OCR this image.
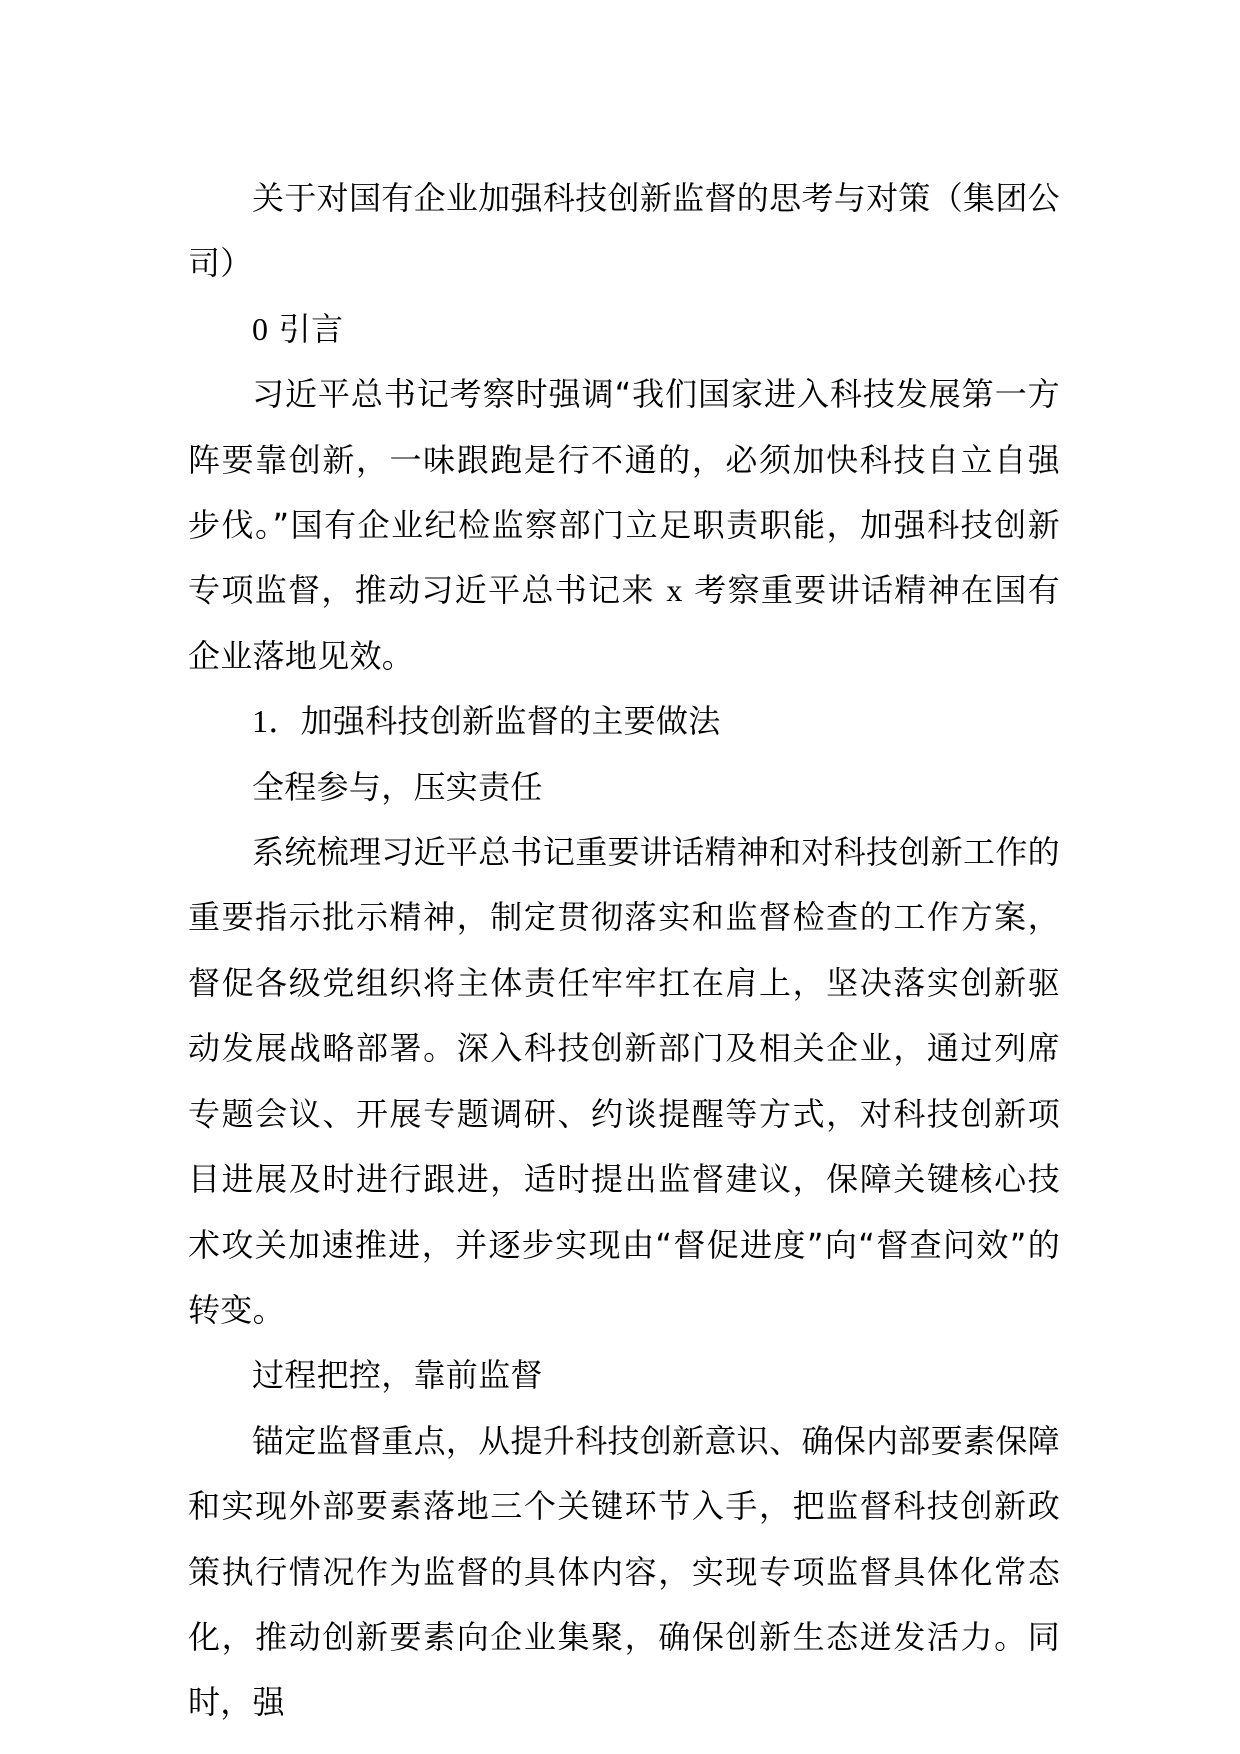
关于对国有企业加强科技创新监督的思考与对策（集团公司）

0 引言

习近平总书记考察时强调“我们国家进入科技发展第一方阵要靠创新，一味跟跑是行不通的，必须加快科技自立自强步伐。”国有企业纪检监察部门立足职责职能，加强科技创新专项监督，推动习近平总书记来 x 考察重要讲话精神在国有企业落地见效。

1．加强科技创新监督的主要做法

全程参与，压实责任

系统梳理习近平总书记重要讲话精神和对科技创新工作的重要指示批示精神，制定贯彻落实和监督检查的工作方案，督促各级党组织将主体责任牢牢扛在肩上，坚决落实创新驱动发展战略部署。深入科技创新部门及相关企业，通过列席专题会议、开展专题调研、约谈提醒等方式，对科技创新项目进展及时进行跟进，适时提出监督建议，保障关键核心技术攻关加速推进，并逐步实现由“督促进度”向“督查问效”的转变。

过程把控，靠前监督

锚定监督重点，从提升科技创新意识、确保内部要素保障和实现外部要素落地三个关键环节入手，把监督科技创新政策执行情况作为监督的具体内容，实现专项监督具体化常态化，推动创新要素向企业集聚，确保创新生态迸发活力。同时，强
